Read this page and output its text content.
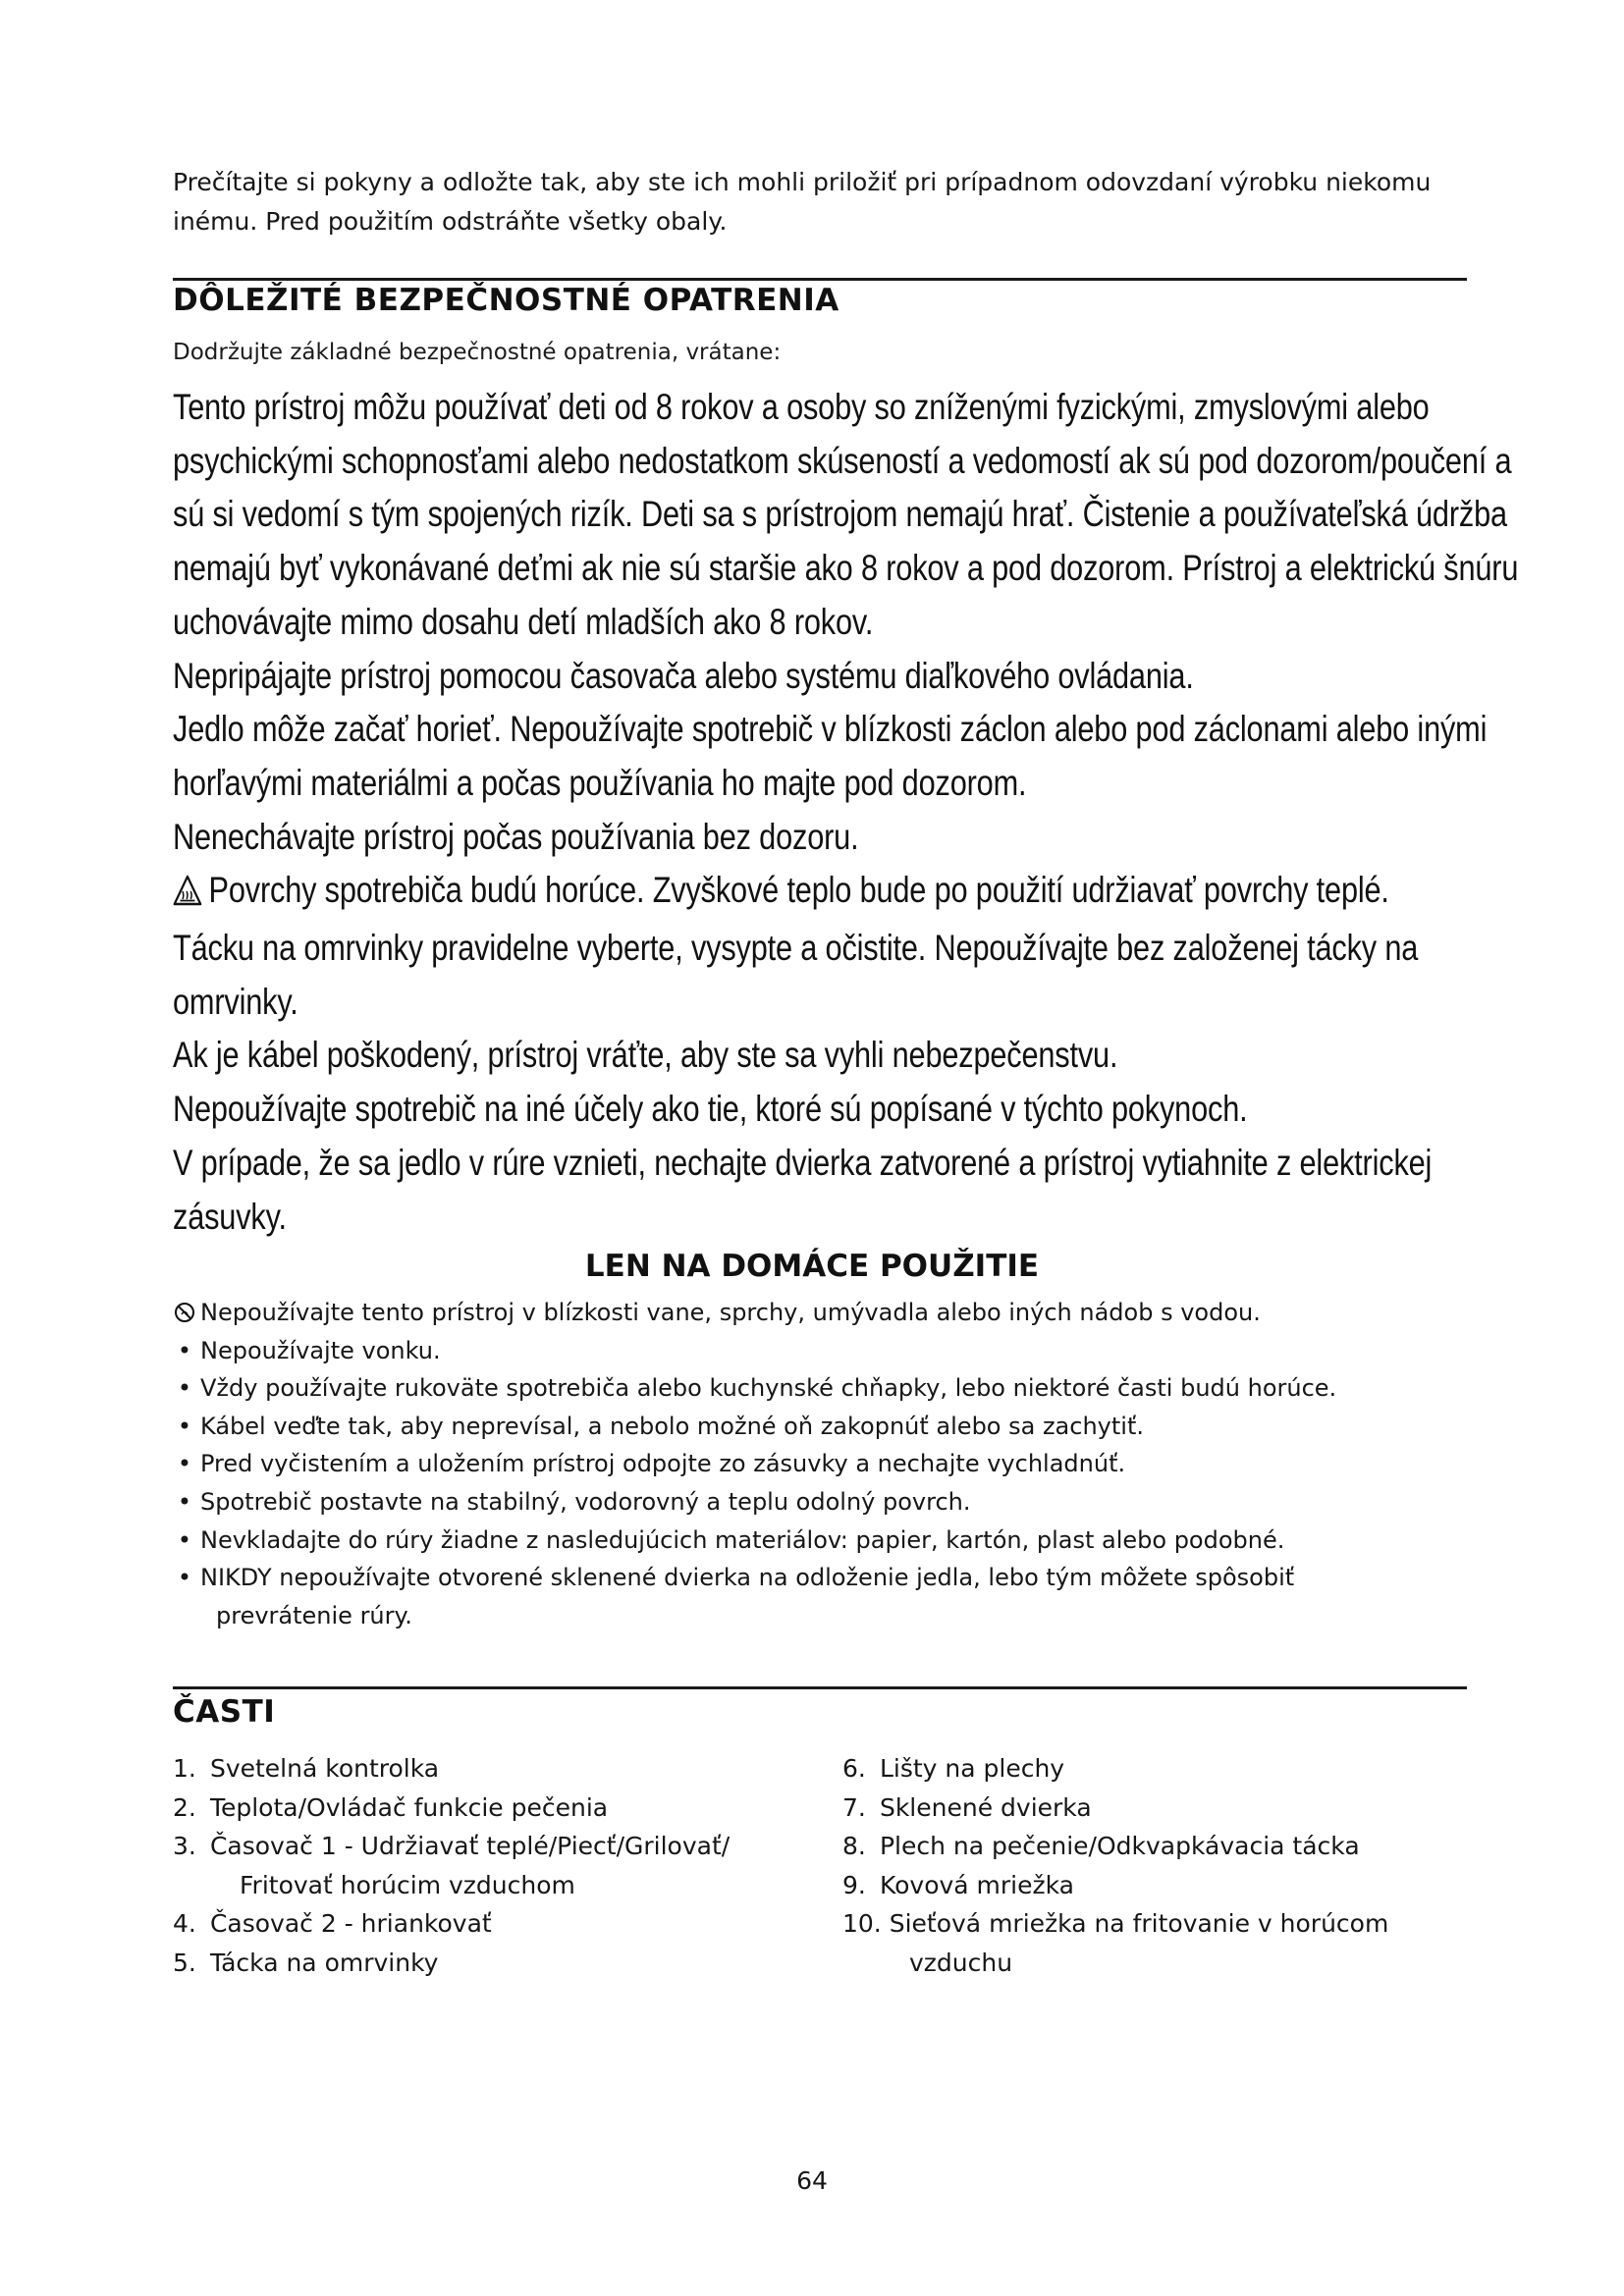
Prečítajte si pokyny a odložte tak, aby ste ich mohli priložiť pri prípadnom odovzdaní výrobku niekomu
inému. Pred použitím odstráňte všetky obaly.
DÔLEŽITÉ BEZPEČNOSTNÉ OPATRENIA
Dodržujte základné bezpečnostné opatrenia, vrátane:

Tento prístroj môžu používať deti od 8 rokov a osoby so zníženými fyzickými, zmyslovými alebo

psychickými schopnosťami alebo nedostatkom skúseností a vedomostí ak sú pod dozorom/poučení a

sú si vedomí s tým spojených rizík. Deti sa s prístrojom nemajú hrať. Čistenie a používateľská údržba

nemajú byť vykonávané deťmi ak nie sú staršie ako 8 rokov a pod dozorom. Prístroj a elektrickú šnúru

uchovávajte mimo dosahu detí mladších ako 8 rokov.

Nepripájajte prístroj pomocou časovača alebo systému diaľkového ovládania.

Jedlo môže začať horieť. Nepoužívajte spotrebič v blízkosti záclon alebo pod záclonami alebo inými

horľavými materiálmi a počas používania ho majte pod dozorom.

Nenechávajte prístroj počas používania bez dozoru.

Povrchy spotrebiča budú horúce. Zvyškové teplo bude po použití udržiavať povrchy teplé.

Tácku na omrvinky pravidelne vyberte, vysypte a očistite. Nepoužívajte bez založenej tácky na

omrvinky.

Ak je kábel poškodený, prístroj vráťte, aby ste sa vyhli nebezpečenstvu.

Nepoužívajte spotrebič na iné účely ako tie, ktoré sú popísané v týchto pokynoch.

V prípade, že sa jedlo v rúre vznieti, nechajte dvierka zatvorené a prístroj vytiahnite z elektrickej

zásuvky.

LEN NA DOMÁCE POUŽITIE
Nepoužívajte tento prístroj v blízkosti vane, sprchy, umývadla alebo iných nádob s vodou.
• Nepoužívajte vonku.
• Vždy používajte rukoväte spotrebiča alebo kuchynské chňapky, lebo niektoré časti budú horúce.
• Kábel veďte tak, aby neprevísal, a nebolo možné oň zakopnúť alebo sa zachytiť.
• Pred vyčistením a uložením prístroj odpojte zo zásuvky a nechajte vychladnúť.
• Spotrebič postavte na stabilný, vodorovný a teplu odolný povrch.
• Nevkladajte do rúry žiadne z nasledujúcich materiálov: papier, kartón, plast alebo podobné.
• NIKDY nepoužívajte otvorené sklenené dvierka na odloženie jedla, lebo tým môžete spôsobiť
prevrátenie rúry.
ČASTI
1. Svetelná kontrolka
2. Teplota/Ovládač funkcie pečenia
3. Časovač 1 - Udržiavať teplé/Piecť/Grilovať/
Fritovať horúcim vzduchom
4. Časovač 2 - hriankovať
5. Tácka na omrvinky
6. Lišty na plechy
7. Sklenené dvierka
8. Plech na pečenie/Odkvapkávacia tácka
9. Kovová mriežka
10. Sieťová mriežka na fritovanie v horúcom
vzduchu
64
